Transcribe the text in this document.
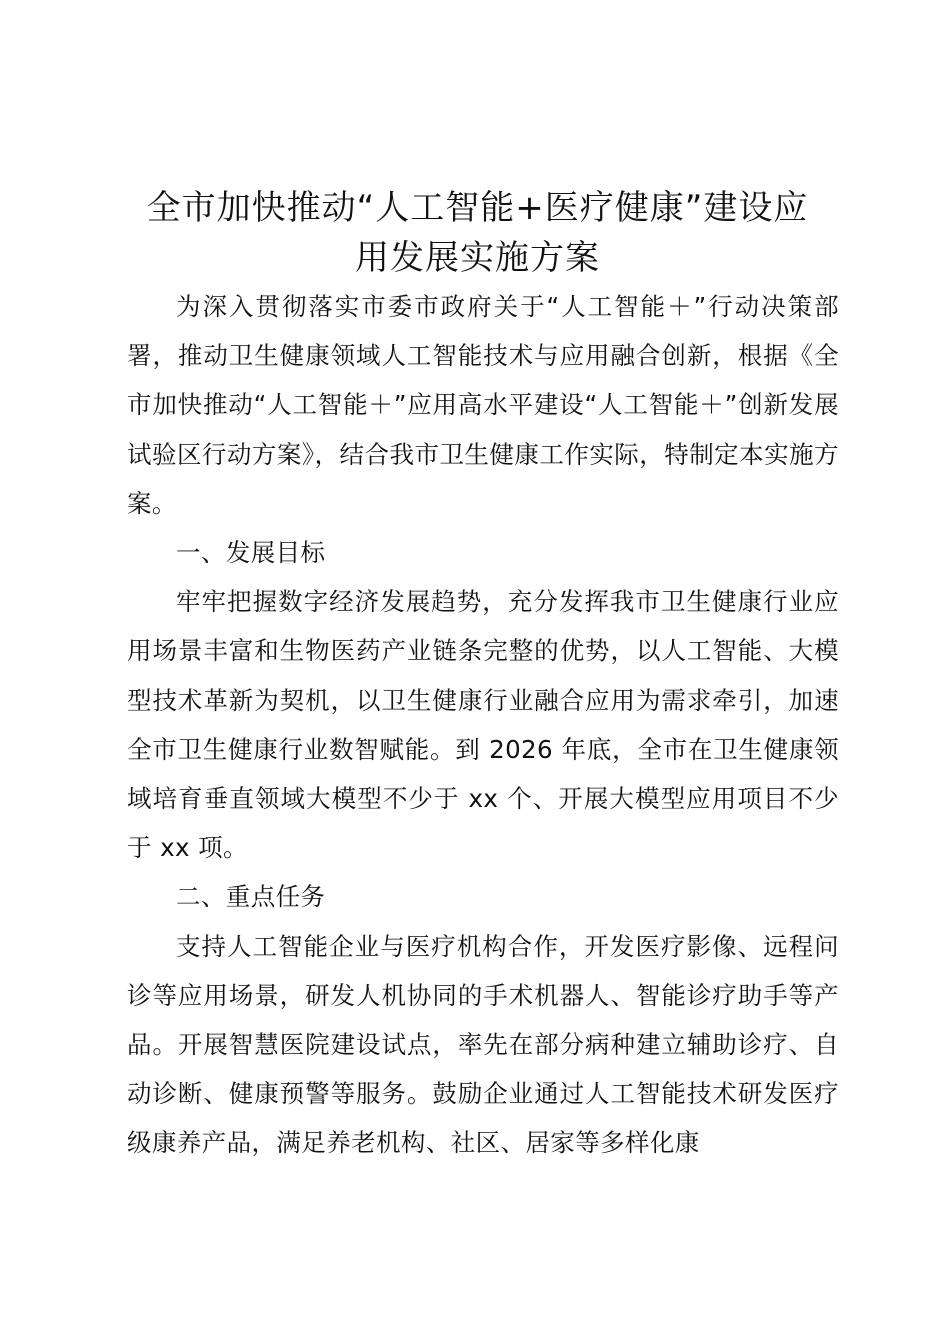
全市加快推动“人工智能+医疗健康”建设应
用发展实施方案

为深入贯彻落实市委市政府关于“人工智能＋”行动决策部署，推动卫生健康领域人工智能技术与应用融合创新，根据《全市加快推动“人工智能＋”应用高水平建设“人工智能＋”创新发展试验区行动方案》，结合我市卫生健康工作实际，特制定本实施方案。

一、发展目标

牢牢把握数字经济发展趋势，充分发挥我市卫生健康行业应用场景丰富和生物医药产业链条完整的优势，以人工智能、大模型技术革新为契机，以卫生健康行业融合应用为需求牵引，加速全市卫生健康行业数智赋能。到 2026 年底，全市在卫生健康领域培育垂直领域大模型不少于 xx 个、开展大模型应用项目不少于 xx 项。

二、重点任务

支持人工智能企业与医疗机构合作，开发医疗影像、远程问诊等应用场景，研发人机协同的手术机器人、智能诊疗助手等产品。开展智慧医院建设试点，率先在部分病种建立辅助诊疗、自动诊断、健康预警等服务。鼓励企业通过人工智能技术研发医疗级康养产品，满足养老机构、社区、居家等多样化康
